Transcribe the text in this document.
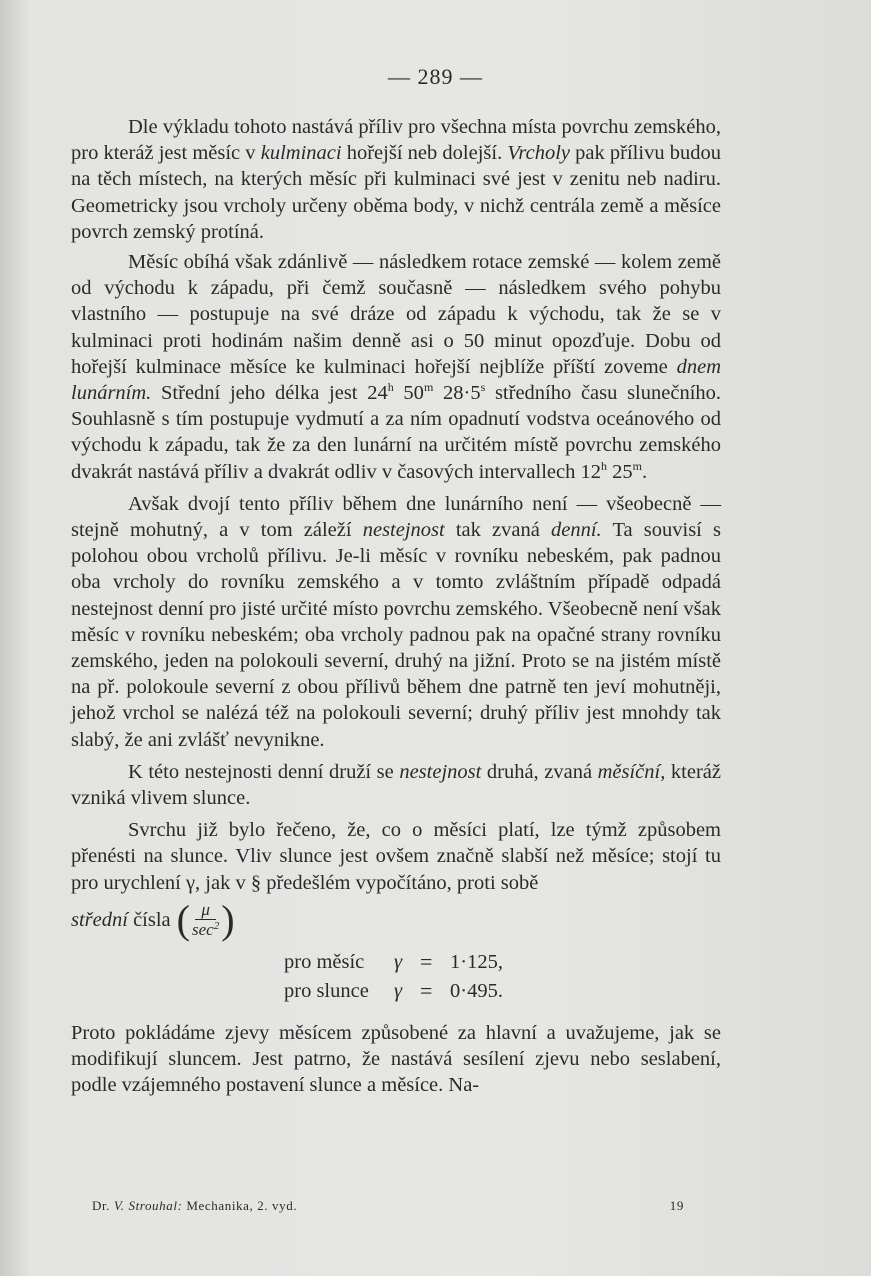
— 289 —

Dle výkladu tohoto nastává příliv pro všechna místa povrchu zemského, pro kteráž jest měsíc v kulminaci hořejší neb dolejší. Vrcholy pak přílivu budou na těch místech, na kterých měsíc při kulminaci své jest v zenitu neb nadiru. Geometricky jsou vrcholy určeny oběma body, v nichž centrála země a měsíce povrch zemský protíná.

Měsíc obíhá však zdánlivě — následkem rotace zemské — kolem země od východu k západu, při čemž současně — následkem svého pohybu vlastního — postupuje na své dráze od západu k východu, tak že se v kulminaci proti hodinám našim denně asi o 50 minut opozďuje. Dobu od hořejší kulminace měsíce ke kulminaci hořejší nejblíže příští zoveme dnem lunárním. Střední jeho délka jest 24$^h$ 50$^m$ $28\cdot 5^s$ středního času slunečního. Souhlasně s tím postupuje vydmutí a za ním opadnutí vodstva oceánového od východu k západu, tak že za den lunární na určitém místě povrchu zemského dvakrát nastává příliv a dvakrát odliv v časových intervallech 12$^h$ 25$^m$.

Avšak dvojí tento příliv během dne lunárního není — všeobecně — stejně mohutný, a v tom záleží nestejnost tak zvaná denní. Ta souvisí s polohou obou vrcholů přílivu. Je-li měsíc v rovníku nebeském, pak padnou oba vrcholy do rovníku zemského a v tomto zvláštním případě odpadá nestejnost denní pro jisté určité místo povrchu zemského. Všeobecně není však měsíc v rovníku nebeském; oba vrcholy padnou pak na opačné strany rovníku zemského, jeden na polokouli severní, druhý na jižní. Proto se na jistém místě na př. polokoule severní z obou přílivů během dne patrně ten jeví mohutněji, jehož vrchol se nalézá též na polokouli severní; druhý příliv jest mnohdy tak slabý, že ani zvlášť nevynikne.

K této nestejnosti denní druží se nestejnost druhá, zvaná měsíční, kteráž vzniká vlivem slunce.

Svrchu již bylo řečeno, že, co o měsíci platí, lze týmž způsobem přenésti na slunce. Vliv slunce jest ovšem značně slabší než měsíce; stojí tu pro urychlení γ, jak v § předešlém vypočítáno, proti sobě

střední
čísla ( $\frac{\mu}{\sec^2}$ )
pro měsíc	γ = 1·125,
pro slunce	γ = 0·495.

Proto pokládáme zjevy měsícem způsobené za hlavní a uvažujeme, jak se modifikují sluncem. Jest patrno, že nastává sesílení zjevu nebo seslabení, podle vzájemného postavení slunce a měsíce. Na-

Dr. V. Strouhal: Mechanika, 2. vyd.	19
